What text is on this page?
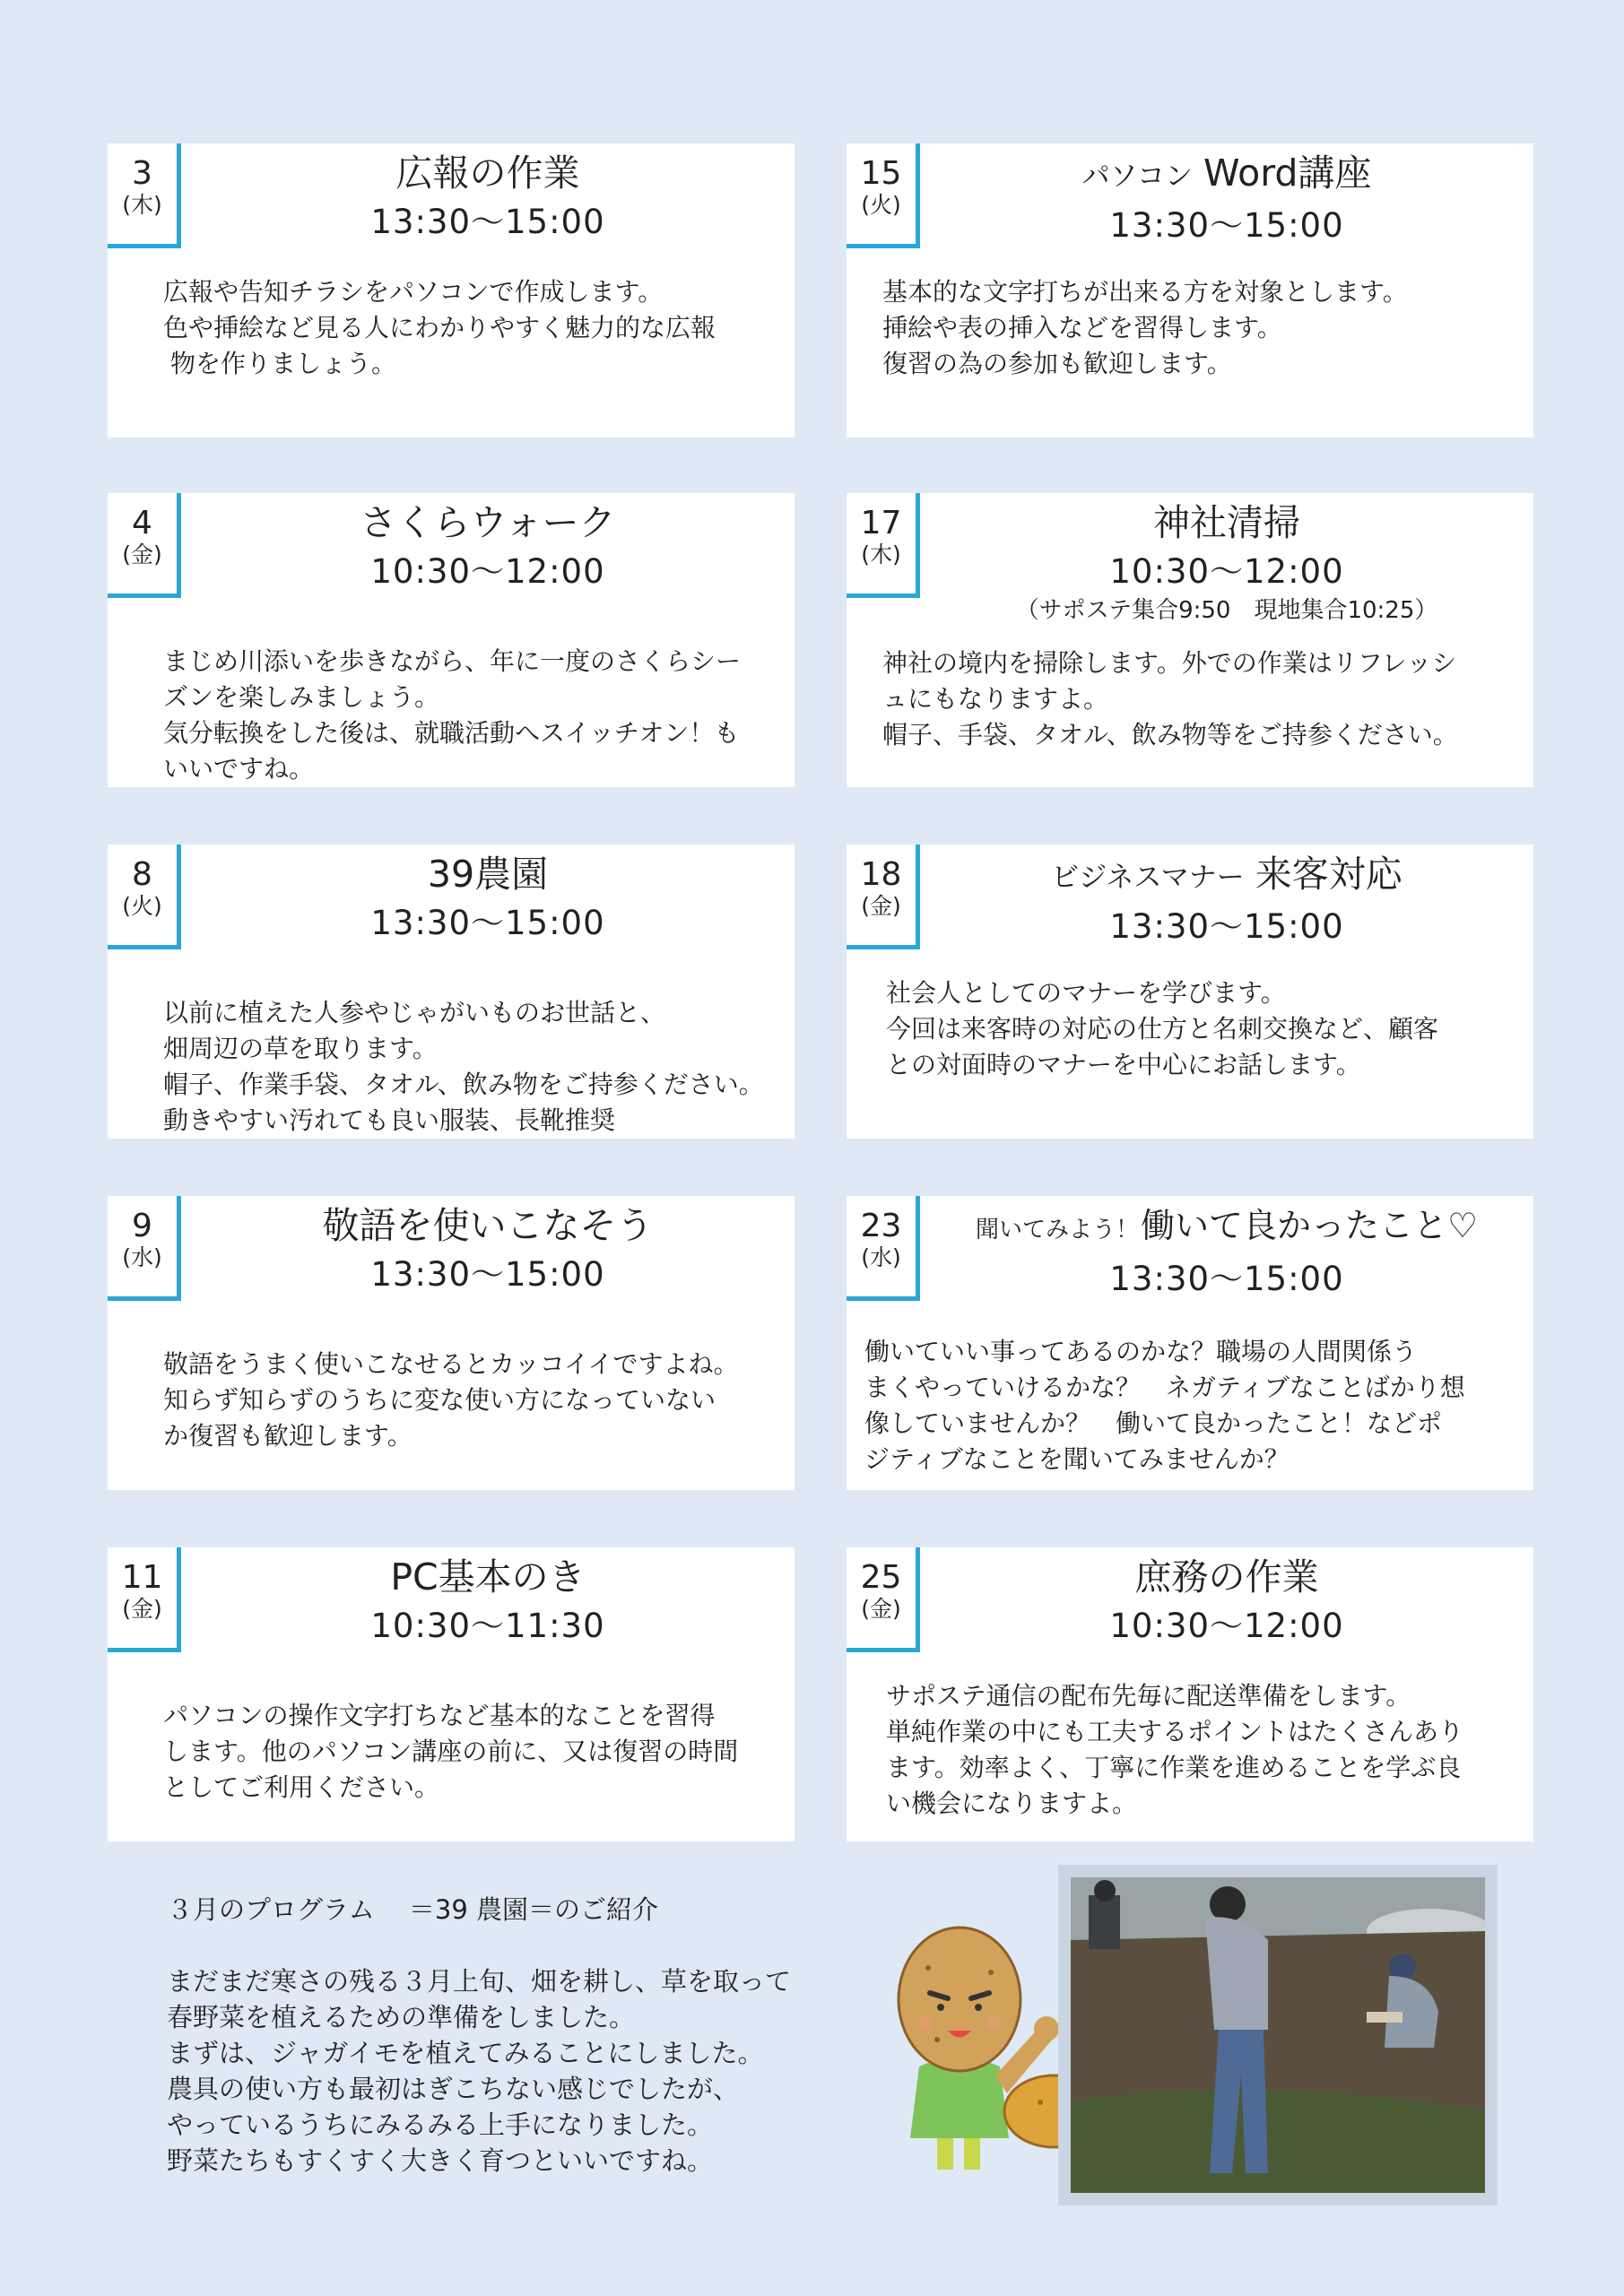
3
(木)
広報の作業
13:30～15:00

広報や告知チラシをパソコンで作成します。

色や挿絵など見る人にわかりやすく魅力的な広報

物を作りましょう。

4
(金)
さくらウォーク
10:30～12:00

まじめ川添いを歩きながら、年に一度のさくらシー

ズンを楽しみましょう。

気分転換をした後は、就職活動へスイッチオン！も

いいですね。

8
(火)
39農園
13:30～15:00

以前に植えた人参やじゃがいものお世話と、

畑周辺の草を取ります。

帽子、作業手袋、タオル、飲み物をご持参ください。

動きやすい汚れても良い服装、長靴推奨

9
(水)
敬語を使いこなそう
13:30～15:00

敬語をうまく使いこなせるとカッコイイですよね。

知らず知らずのうちに変な使い方になっていない

か復習も歓迎します。

11
(金)
PC基本のき
10:30～11:30

パソコンの操作文字打ちなど基本的なことを習得

します。他のパソコン講座の前に、又は復習の時間

としてご利用ください。

15
(火)
パソコン Word講座
13:30～15:00

基本的な文字打ちが出来る方を対象とします。

挿絵や表の挿入などを習得します。

復習の為の参加も歓迎します。

17
(木)
神社清掃
10:30～12:00
（サポステ集合9:50　現地集合10:25）

神社の境内を掃除します。外での作業はリフレッシ

ュにもなりますよ。

帽子、手袋、タオル、飲み物等をご持参ください。

18
(金)
ビジネスマナー 来客対応
13:30～15:00

社会人としてのマナーを学びます。

今回は来客時の対応の仕方と名刺交換など、顧客

との対面時のマナーを中心にお話します。

23
(水)
聞いてみよう！働いて良かったこと♡
13:30～15:00

働いていい事ってあるのかな？職場の人間関係う

まくやっていけるかな？　ネガティブなことばかり想

像していませんか？　働いて良かったこと！などポ

ジティブなことを聞いてみませんか？

25
(金)
庶務の作業
10:30～12:00

サポステ通信の配布先毎に配送準備をします。

単純作業の中にも工夫するポイントはたくさんあり

ます。効率よく、丁寧に作業を進めることを学ぶ良

い機会になりますよ。

３月のプログラム　 ＝39 農園＝のご紹介

まだまだ寒さの残る３月上旬、畑を耕し、草を取って

春野菜を植えるための準備をしました。

まずは、ジャガイモを植えてみることにしました。

農具の使い方も最初はぎこちない感じでしたが、

やっているうちにみるみる上手になりました。

野菜たちもすくすく大きく育つといいですね。
